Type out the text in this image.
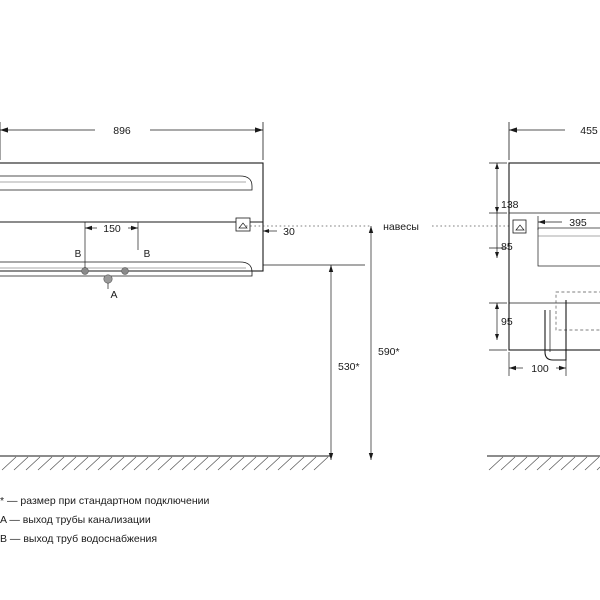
896
150	30
B	B
A
навесы
530*
590*
455
138
85
95
395
100
* — размер при стандартном подключении
A — выход трубы канализации
B — выход труб водоснабжения
